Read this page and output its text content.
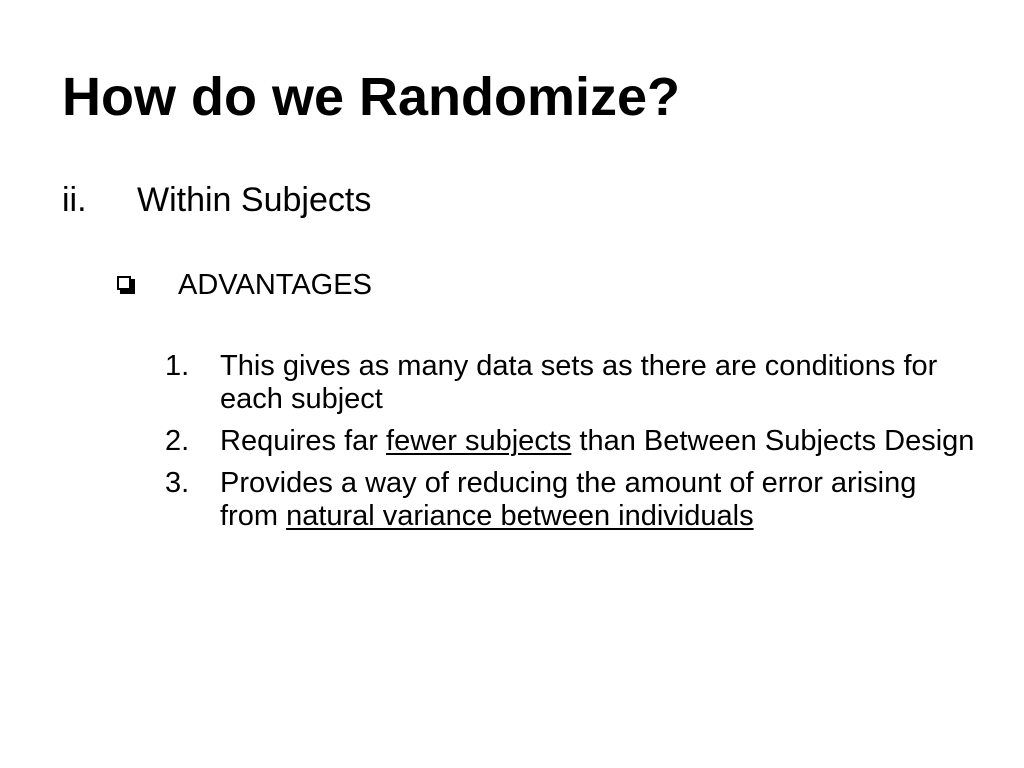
How do we Randomize?
ii. Within Subjects
ADVANTAGES
1.	This gives as many data sets as there are conditions for each subject
2.	Requires far fewer subjects than Between Subjects Design
3.	Provides a way of reducing the amount of error arising from natural variance between individuals
